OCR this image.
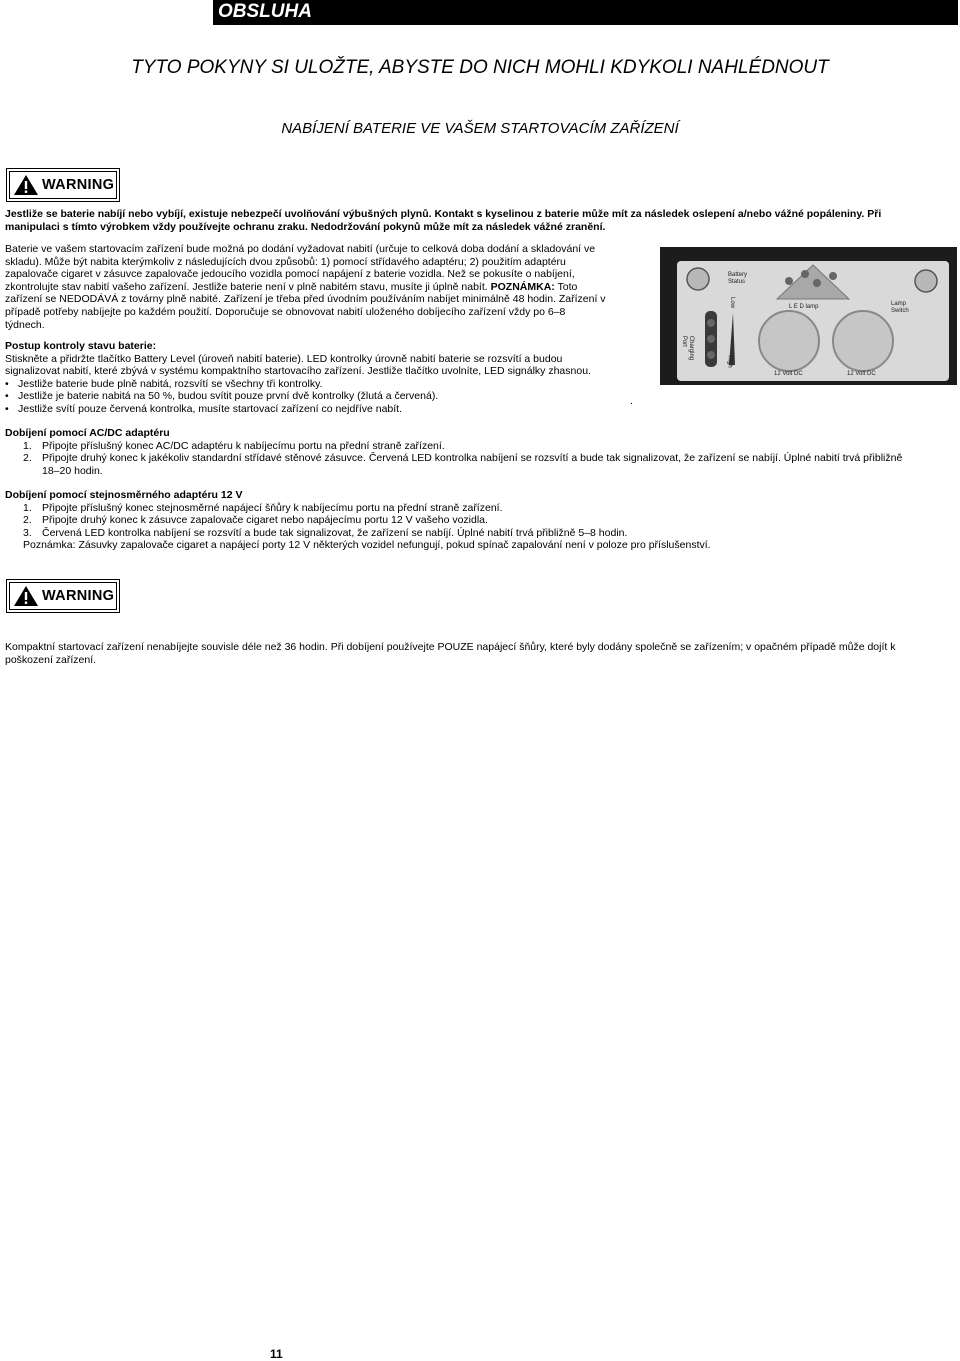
OBSLUHA
TYTO POKYNY SI ULOŽTE, ABYSTE DO NICH MOHLI KDYKOLI NAHLÉDNOUT
NABÍJENÍ BATERIE VE VAŠEM STARTOVACÍM ZAŘÍZENÍ
WARNING
Jestliže se baterie nabíjí nebo vybíjí, existuje nebezpečí uvolňování výbušných plynů. Kontakt s kyselinou z baterie může mít za následek oslepení a/nebo vážné popáleniny. Při
manipulaci s tímto výrobkem vždy používejte ochranu zraku. Nedodržování pokynů může mít za následek vážné zranění.
Baterie ve vašem startovacím zařízení bude možná po dodání vyžadovat nabití (určuje to celková doba dodání a skladování ve
skladu). Může být nabita kterýmkoliv z následujících dvou způsobů: 1) pomocí střídavého adaptéru; 2) použitím adaptéru
zapalovače cigaret v zásuvce zapalovače jedoucího vozidla pomocí napájení z baterie vozidla. Než se pokusíte o nabíjení,
zkontrolujte stav nabití vašeho zařízení. Jestliže baterie není v plně nabitém stavu, musíte ji úplně nabít. POZNÁMKA: Toto
zařízení se NEDODÁVÁ z továrny plně nabité. Zařízení je třeba před úvodním používáním nabíjet minimálně 48 hodin. Zařízení v
případě potřeby nabíjejte po každém použití. Doporučuje se obnovovat nabití uloženého dobíjecího zařízení vždy po 6–8
týdnech.
Postup kontroly stavu baterie:
Stiskněte a přidržte tlačítko Battery Level (úroveň nabití baterie). LED kontrolky úrovně nabití baterie se rozsvítí a budou
signalizovat nabití, které zbývá v systému kompaktního startovacího zařízení. Jestliže tlačítko uvolníte, LED signálky zhasnou.
• Jestliže baterie bude plně nabitá, rozsvítí se všechny tři kontrolky.
• Jestliže je baterie nabitá na 50 %, budou svítit pouze první dvě kontrolky (žlutá a červená).
• Jestliže svítí pouze červená kontrolka, musíte startovací zařízení co nejdříve nabít.
Battery
Status
Low
High
Charging
Port
L E D lamp	Lamp
Switch
12 Volt DC	12 Volt DC
.
Dobíjení pomocí AC/DC adaptéru
1. Připojte příslušný konec AC/DC adaptéru k nabíjecímu portu na přední straně zařízení.
2. Připojte druhý konec k jakékoliv standardní střídavé stěnové zásuvce. Červená LED kontrolka nabíjení se rozsvítí a bude tak signalizovat, že zařízení se nabíjí. Úplné nabití trvá přibližně
18–20 hodin.
Dobíjení pomocí stejnosměrného adaptéru 12 V
1. Připojte příslušný konec stejnosměrné napájecí šňůry k nabíjecímu portu na přední straně zařízení.
2. Připojte druhý konec k zásuvce zapalovače cigaret nebo napájecímu portu 12 V vašeho vozidla.
3. Červená LED kontrolka nabíjení se rozsvítí a bude tak signalizovat, že zařízení se nabíjí. Úplné nabití trvá přibližně 5–8 hodin.
Poznámka: Zásuvky zapalovače cigaret a napájecí porty 12 V některých vozidel nefungují, pokud spínač zapalování není v poloze pro příslušenství.
WARNING
Kompaktní startovací zařízení nenabíjejte souvisle déle než 36 hodin. Při dobíjení používejte POUZE napájecí šňůry, které byly dodány společně se zařízením; v opačném případě může dojít k
poškození zařízení.
11
